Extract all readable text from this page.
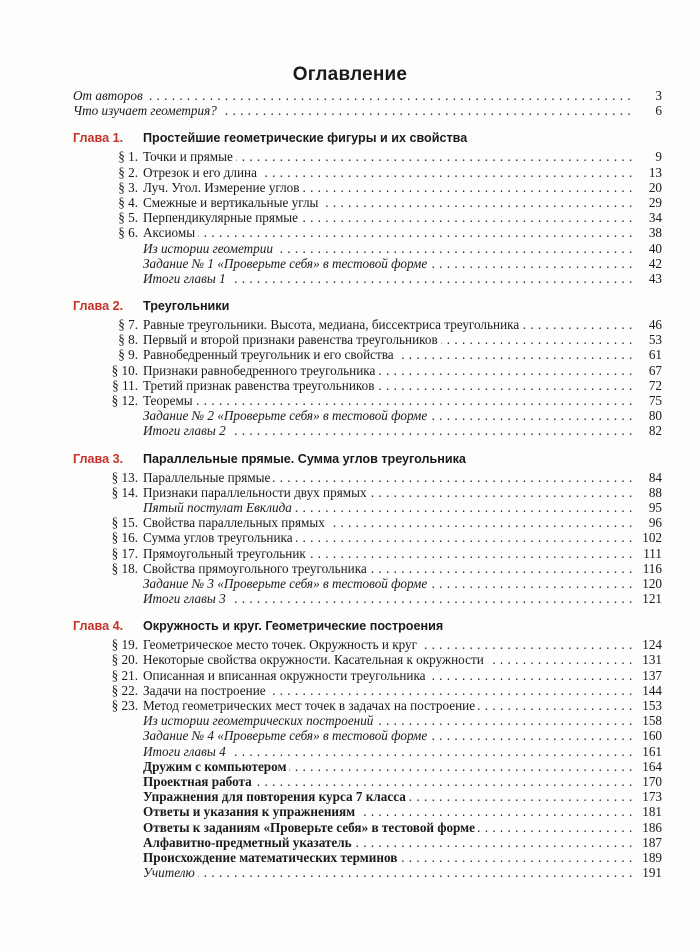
Оглавление
От авторов . . .	3
Что изучает геометрия? . . .	6
Глава 1. Простейшие геометрические фигуры и их свойства
§ 1. Точки и прямые . . .	9
§ 2. Отрезок и его длина . . .	13
§ 3. Луч. Угол. Измерение углов . . .	20
§ 4. Смежные и вертикальные углы . . .	29
§ 5. Перпендикулярные прямые . . .	34
§ 6. Аксиомы . . .	38
Из истории геометрии . . .	40
Задание № 1 «Проверьте себя» в тестовой форме . . .	42
Итоги главы 1 . . .	43
Глава 2. Треугольники
§ 7. Равные треугольники. Высота, медиана, биссектриса треугольника . . .	46
§ 8. Первый и второй признаки равенства треугольников . . .	53
§ 9. Равнобедренный треугольник и его свойства . . .	61
§ 10. Признаки равнобедренного треугольника . . .	67
§ 11. Третий признак равенства треугольников . . .	72
§ 12. Теоремы . . .	75
Задание № 2 «Проверьте себя» в тестовой форме . . .	80
Итоги главы 2 . . .	82
Глава 3. Параллельные прямые. Сумма углов треугольника
§ 13. Параллельные прямые . . .	84
§ 14. Признаки параллельности двух прямых . . .	88
Пятый постулат Евклида . . .	95
§ 15. Свойства параллельных прямых . . .	96
§ 16. Сумма углов треугольника . . .	102
§ 17. Прямоугольный треугольник . . .	111
§ 18. Свойства прямоугольного треугольника . . .	116
Задание № 3 «Проверьте себя» в тестовой форме . . .	120
Итоги главы 3 . . .	121
Глава 4. Окружность и круг. Геометрические построения
§ 19. Геометрическое место точек. Окружность и круг . . .	124
§ 20. Некоторые свойства окружности. Касательная к окружности . . .	131
§ 21. Описанная и вписанная окружности треугольника . . .	137
§ 22. Задачи на построение . . .	144
§ 23. Метод геометрических мест точек в задачах на построение . . .	153
Из истории геометрических построений . . .	158
Задание № 4 «Проверьте себя» в тестовой форме . . .	160
Итоги главы 4 . . .	161
Дружим с компьютером . . .	164
Проектная работа . . .	170
Упражнения для повторения курса 7 класса . . .	173
Ответы и указания к упражнениям . . .	181
Ответы к заданиям «Проверьте себя» в тестовой форме . . .	186
Алфавитно-предметный указатель . . .	187
Происхождение математических терминов . . .	189
Учителю . . .	191
